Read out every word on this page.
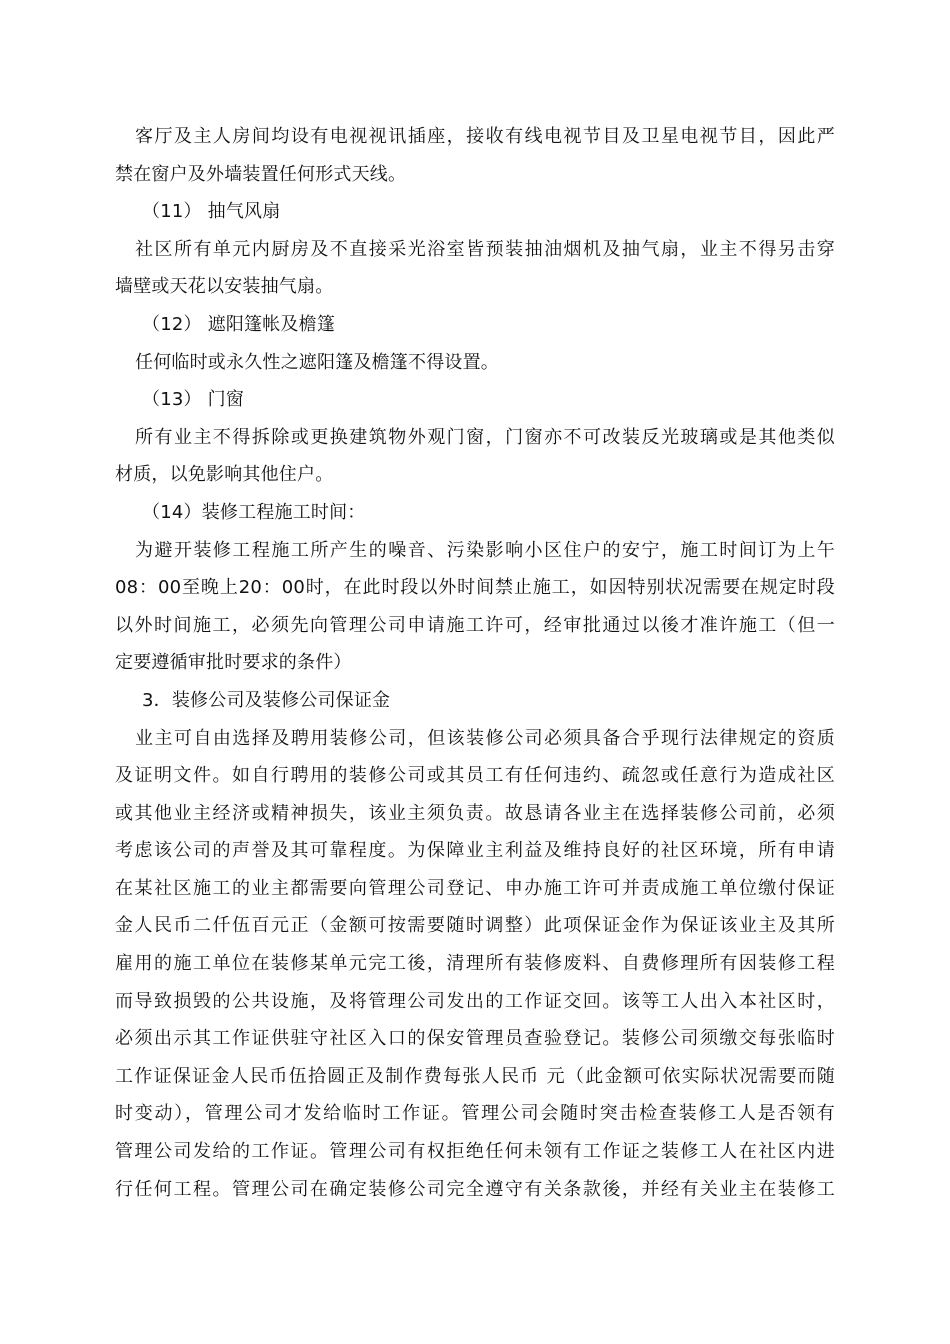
客厅及主人房间均设有电视视讯插座，接收有线电视节目及卫星电视节目，因此严
禁在窗户及外墙装置任何形式天线。
（11） 抽气风扇
社区所有单元内厨房及不直接采光浴室皆预装抽油烟机及抽气扇，业主不得另击穿
墙壁或天花以安装抽气扇。
（12） 遮阳篷帐及檐篷
任何临时或永久性之遮阳篷及檐篷不得设置。
（13） 门窗
所有业主不得拆除或更换建筑物外观门窗，门窗亦不可改装反光玻璃或是其他类似
材质，以免影响其他住户。
（14）装修工程施工时间：
为避开装修工程施工所产生的噪音、污染影响小区住户的安宁，施工时间订为上午
08：00至晚上20：00时，在此时段以外时间禁止施工，如因特别状况需要在规定时段
以外时间施工，必须先向管理公司申请施工许可，经审批通过以後才准许施工（但一
定要遵循审批时要求的条件）
3．装修公司及装修公司保证金
业主可自由选择及聘用装修公司，但该装修公司必须具备合乎现行法律规定的资质
及证明文件。如自行聘用的装修公司或其员工有任何违约、疏忽或任意行为造成社区
或其他业主经济或精神损失，该业主须负责。故恳请各业主在选择装修公司前，必须
考虑该公司的声誉及其可靠程度。为保障业主利益及维持良好的社区环境，所有申请
在某社区施工的业主都需要向管理公司登记、申办施工许可并责成施工单位缴付保证
金人民币二仟伍百元正（金额可按需要随时调整）此项保证金作为保证该业主及其所
雇用的施工单位在装修某单元完工後，清理所有装修废料、自费修理所有因装修工程
而导致损毁的公共设施，及将管理公司发出的工作证交回。该等工人出入本社区时，
必须出示其工作证供驻守社区入口的保安管理员查验登记。装修公司须缴交每张临时
工作证保证金人民币伍拾圆正及制作费每张人民币 元（此金额可依实际状况需要而随
时变动），管理公司才发给临时工作证。管理公司会随时突击检查装修工人是否领有
管理公司发给的工作证。管理公司有权拒绝任何未领有工作证之装修工人在社区内进
行任何工程。管理公司在确定装修公司完全遵守有关条款後，并经有关业主在装修工
